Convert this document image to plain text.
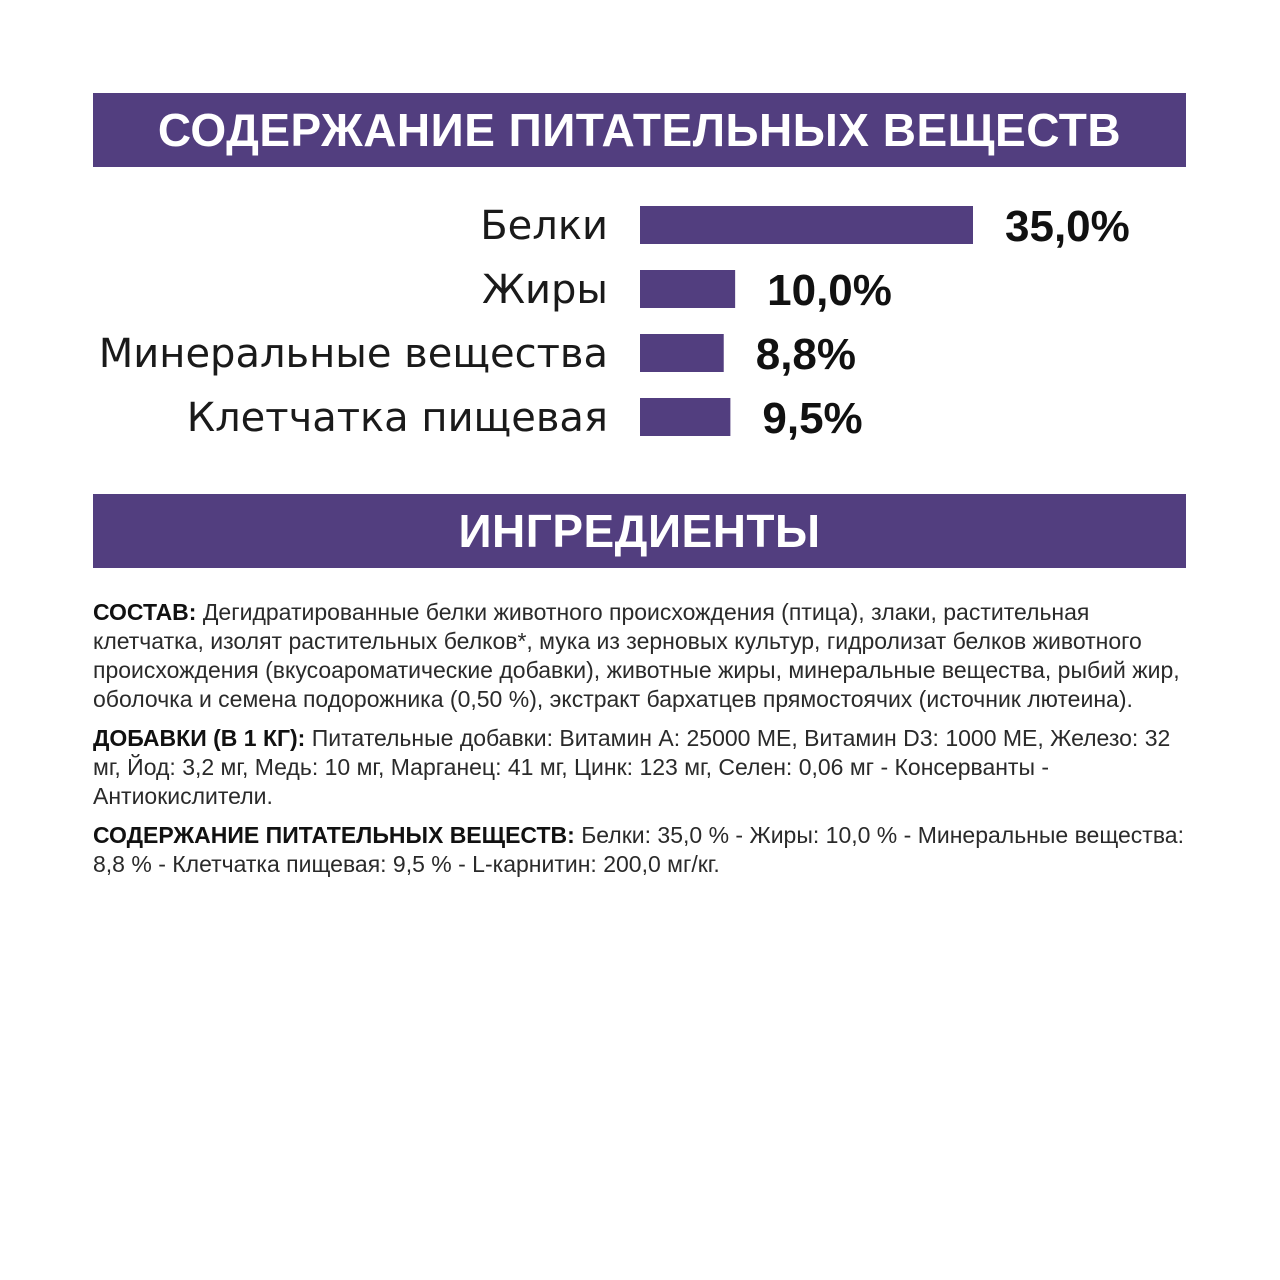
СОДЕРЖАНИЕ ПИТАТЕЛЬНЫХ ВЕЩЕСТВ
Белки	35,0%
Жиры	10,0%
Минеральные вещества	8,8%
Клетчатка пищевая	9,5%
ИНГРЕДИЕНТЫ

СОСТАВ: Дегидратированные белки животного происхождения (птица), злаки, растительная клетчатка, изолят растительных белков*, мука из зерновых культур, гидролизат белков животного происхождения (вкусоароматические добавки), животные жиры, минеральные вещества, рыбий жир, оболочка и семена подорожника (0,50 %), экстракт бархатцев прямостоячих (источник лютеина).

ДОБАВКИ (В 1 КГ): Питательные добавки: Витамин А: 25000 МЕ, Витамин D3: 1000 МЕ, Железо: 32 мг, Йод: 3,2 мг, Медь: 10 мг, Марганец: 41 мг, Цинк: 123 мг, Селен: 0,06 мг - Консерванты - Антиокислители.

СОДЕРЖАНИЕ ПИТАТЕЛЬНЫХ ВЕЩЕСТВ: Белки: 35,0 % - Жиры: 10,0 % - Минеральные вещества: 8,8 % - Клетчатка пищевая: 9,5 % - L-карнитин: 200,0 мг/кг.
